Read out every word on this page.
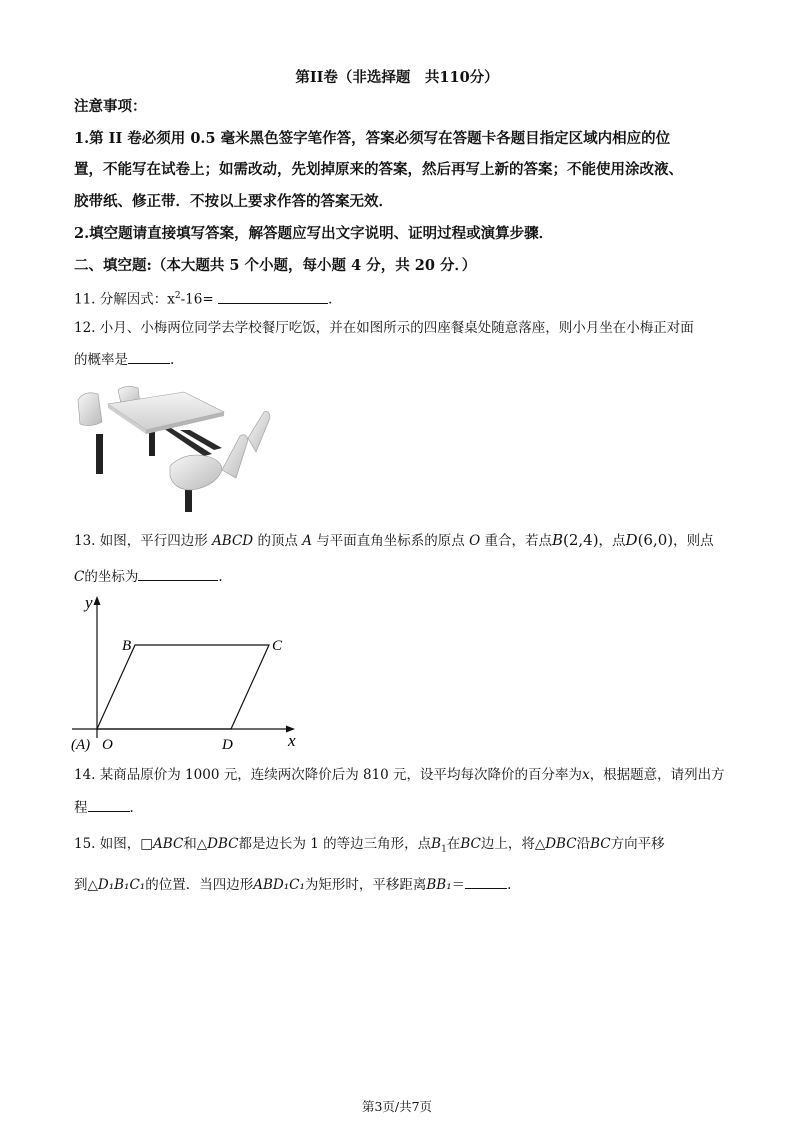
第II卷（非选择题　共110分）
注意事项：
1.第 II 卷必须用 0.5 毫米黑色签字笔作答，答案必须写在答题卡各题目指定区域内相应的位
置，不能写在试卷上；如需改动，先划掉原来的答案，然后再写上新的答案；不能使用涂改液、
胶带纸、修正带．不按以上要求作答的答案无效．
2.填空题请直接填写答案，解答题应写出文字说明、证明过程或演算步骤．
二、填空题:（本大题共 5 个小题，每小题 4 分，共 20 分．）
11. 分解因式：$x^2-16=$	.
12. 小月、小梅两位同学去学校餐厅吃饭，并在如图所示的四座餐桌处随意落座，则小月坐在小梅正对面
的概率是	.
13. 如图，平行四边形 ABCD 的顶点 A 与平面直角坐标系的原点 O 重合，若点B(2,4)，点D(6,0)，则点
C的坐标为	.
y
x
B	C
(A) O	D
14. 某商品原价为 1000 元，连续两次降价后为 810 元，设平均每次降价的百分率为x，根据题意，请列出方
程	.
15. 如图，□ABC和△DBC都是边长为 1 的等边三角形，点$B_1$在BC边上，将△DBC沿BC方向平移
到△D₁B₁C₁的位置．当四边形ABD₁C₁为矩形时，平移距离BB₁＝	.
第3页/共7页
